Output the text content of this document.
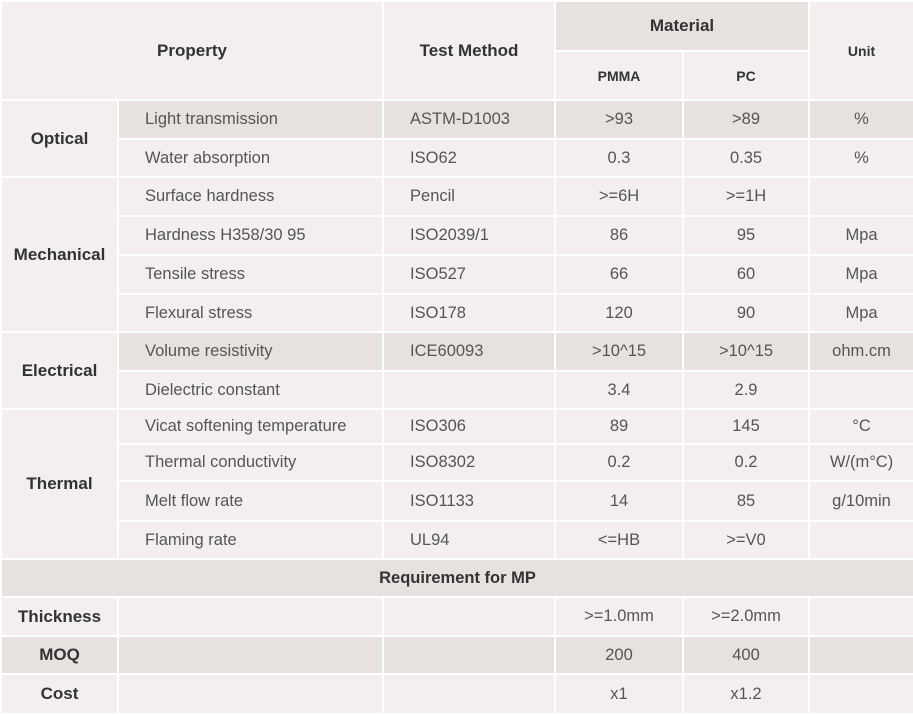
Property		Test Method	Material		Unit
			PMMA	PC	
Optical	Light transmission	ASTM-D1003	>93	>89	%
	Water absorption	ISO62	0.3	0.35	%
Mechanical	Surface hardness	Pencil	>=6H	>=1H	
	Hardness H358/30 95	ISO2039/1	86	95	Mpa
	Tensile stress	ISO527	66	60	Mpa
	Flexural stress	ISO178	120	90	Mpa
Electrical	Volume resistivity	ICE60093	>10^15	>10^15	ohm.cm
	Dielectric constant		3.4	2.9	
Thermal	Vicat softening temperature	ISO306	89	145	°C
	Thermal conductivity	ISO8302	0.2	0.2	W/(m°C)
	Melt flow rate	ISO1133	14	85	g/10min
	Flaming rate	UL94	<=HB	>=V0	
Requirement for MP					
Thickness			>=1.0mm	>=2.0mm	
MOQ			200	400	
Cost			x1	x1.2	
